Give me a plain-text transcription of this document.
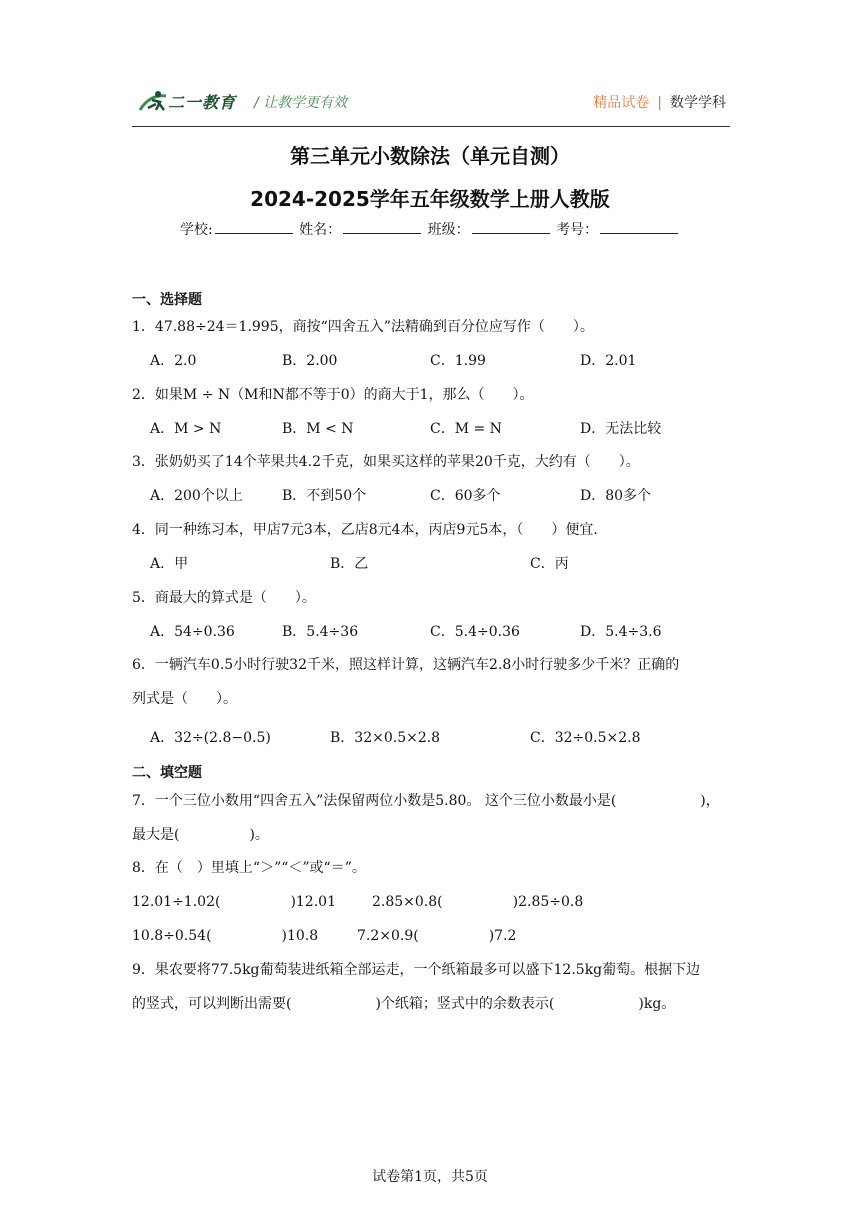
二一教育 / 让教学更有效	精品试卷 | 数学学科
第三单元小数除法（单元自测）
2024-2025学年五年级数学上册人教版
学校:	姓名：	班级：	考号：
一、选择题
1．47.88÷24＝1.995，商按“四舍五入”法精确到百分位应写作（　　）。
A．2.0	B．2.00	C．1.99	D．2.01
2．如果M ÷ N（M和N都不等于0）的商大于1，那么（　　）。
A．M > N	B．M < N	C．M = N	D．无法比较
3．张奶奶买了14个苹果共4.2千克，如果买这样的苹果20千克，大约有（　　）。
A．200个以上	B．不到50个	C．60多个	D．80多个
4．同一种练习本，甲店7元3本，乙店8元4本，丙店9元5本，（　　）便宜.
A．甲	B．乙	C．丙
5．商最大的算式是（　　）。
A．54÷0.36	B．5.4÷36	C．5.4÷0.36	D．5.4÷3.6
6．一辆汽车0.5小时行驶32千米，照这样计算，这辆汽车2.8小时行驶多少千米？正确的
列式是（　　）。
A．32÷(2.8−0.5)	B．32×0.5×2.8	C．32÷0.5×2.8
二、填空题
7．一个三位小数用“四舍五入”法保留两位小数是5.80。 这个三位小数最小是(　　　　　　)，
最大是(　　　　　)。
8．在（　）里填上“＞”“＜”或“＝”。
12.01÷1.02(　　　　　)12.01	2.85×0.8(　　　　　)2.85÷0.8
10.8÷0.54(　　　　　)10.8	7.2×0.9(　　　　　)7.2
9．果农要将77.5kg葡萄装进纸箱全部运走，一个纸箱最多可以盛下12.5kg葡萄。根据下边
的竖式，可以判断出需要(　　　　　　)个纸箱；竖式中的余数表示(　　　　　　)kg。
试卷第1页，共5页
